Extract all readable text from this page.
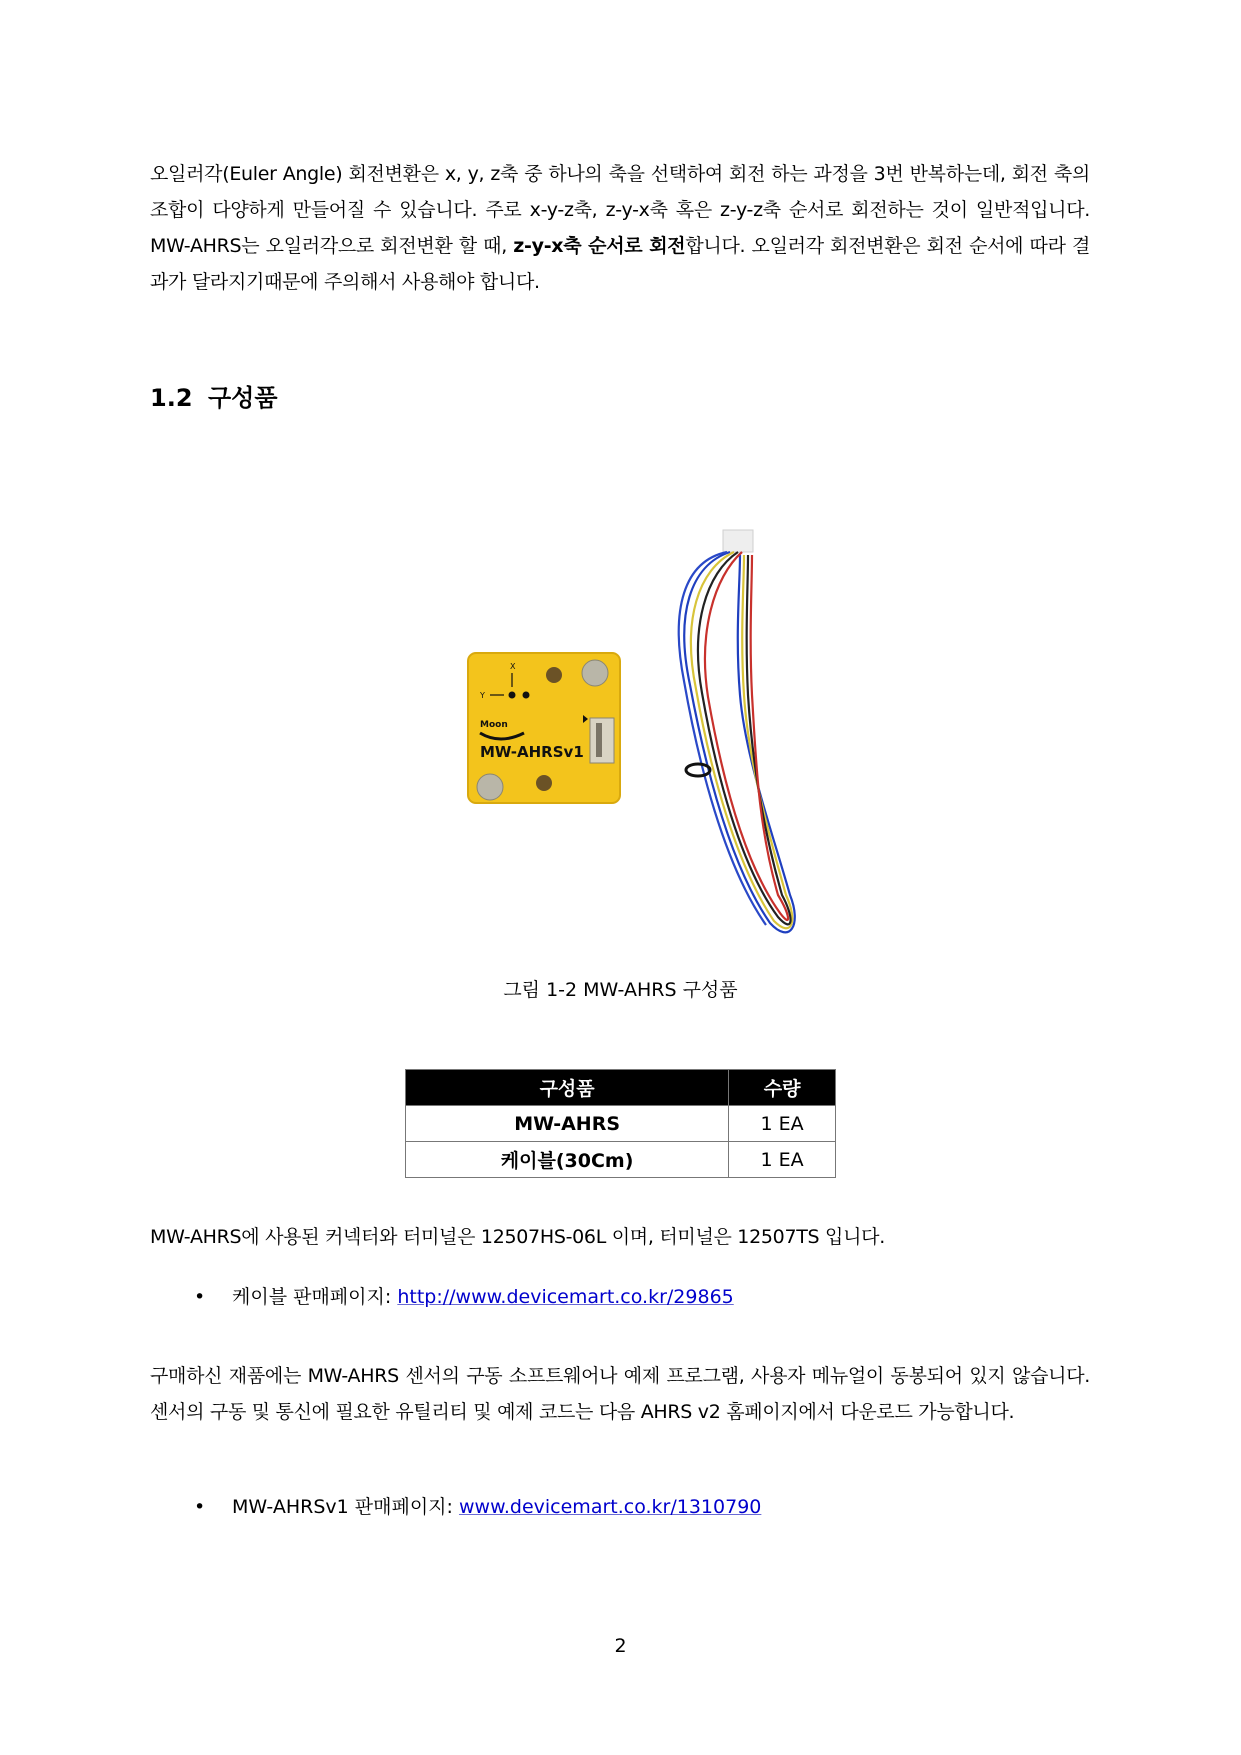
오일러각(Euler Angle) 회전변환은 x, y, z축 중 하나의 축을 선택하여 회전 하는 과정을 3번 반복하는데, 회전 축의 조합이 다양하게 만들어질 수 있습니다. 주로 x-y-z축, z-y-x축 혹은 z-y-z축 순서로 회전하는 것이 일반적입니다. MW-AHRS는 오일러각으로 회전변환 할 때, z-y-x축 순서로 회전합니다. 오일러각 회전변환은 회전 순서에 따라 결과가 달라지기때문에 주의해서 사용해야 합니다.

1.2 구성품
X
Y
Moon
MW-AHRSv1
그림 1-2 MW-AHRS 구성품
구성품	수량
MW-AHRS	1 EA
케이블(30Cm)	1 EA

MW-AHRS에 사용된 커넥터와 터미널은 12507HS-06L 이며, 터미널은 12507TS 입니다.

• 케이블 판매페이지: http://www.devicemart.co.kr/29865

구매하신 재품에는 MW-AHRS 센서의 구동 소프트웨어나 예제 프로그램, 사용자 메뉴얼이 동봉되어 있지 않습니다. 센서의 구동 및 통신에 필요한 유틸리티 및 예제 코드는 다음 AHRS v2 홈페이지에서 다운로드 가능합니다.

• MW-AHRSv1 판매페이지: www.devicemart.co.kr/1310790
2
